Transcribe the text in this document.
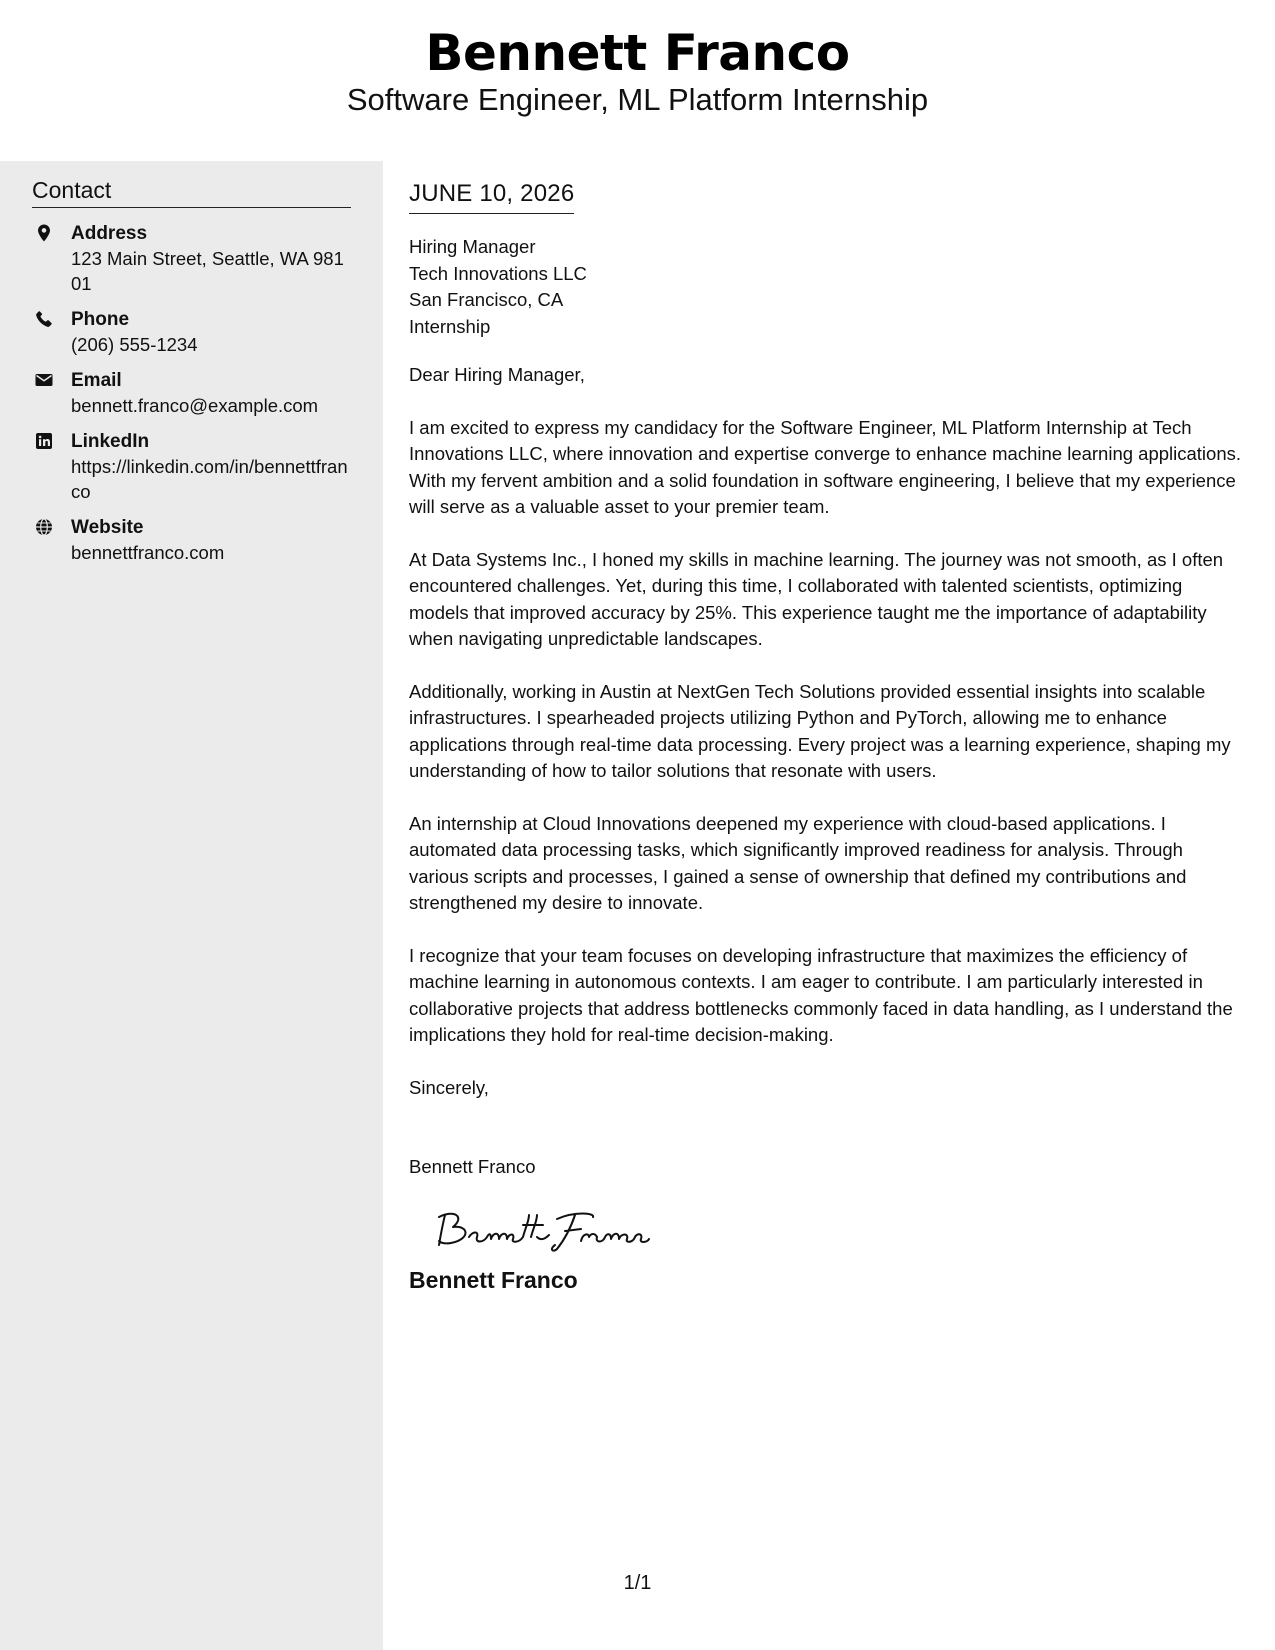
Bennett Franco
Software Engineer, ML Platform Internship
Contact
Address
123 Main Street, Seattle, WA 98101
Phone
(206) 555-1234
Email
bennett.franco@example.com
LinkedIn
https://linkedin.com/in/bennettfranco
Website
bennettfranco.com
JUNE 10, 2026
Hiring Manager
Tech Innovations LLC
San Francisco, CA
Internship
Dear Hiring Manager,
I am excited to express my candidacy for the Software Engineer, ML Platform Internship at Tech Innovations LLC, where innovation and expertise converge to enhance machine learning applications. With my fervent ambition and a solid foundation in software engineering, I believe that my experience will serve as a valuable asset to your premier team.
At Data Systems Inc., I honed my skills in machine learning. The journey was not smooth, as I often encountered challenges. Yet, during this time, I collaborated with talented scientists, optimizing models that improved accuracy by 25%. This experience taught me the importance of adaptability when navigating unpredictable landscapes.
Additionally, working in Austin at NextGen Tech Solutions provided essential insights into scalable infrastructures. I spearheaded projects utilizing Python and PyTorch, allowing me to enhance applications through real-time data processing. Every project was a learning experience, shaping my understanding of how to tailor solutions that resonate with users.
An internship at Cloud Innovations deepened my experience with cloud-based applications. I automated data processing tasks, which significantly improved readiness for analysis. Through various scripts and processes, I gained a sense of ownership that defined my contributions and strengthened my desire to innovate.
I recognize that your team focuses on developing infrastructure that maximizes the efficiency of machine learning in autonomous contexts. I am eager to contribute. I am particularly interested in collaborative projects that address bottlenecks commonly faced in data handling, as I understand the implications they hold for real-time decision-making.
Sincerely,
Bennett Franco
Bennett Franco
1/1
